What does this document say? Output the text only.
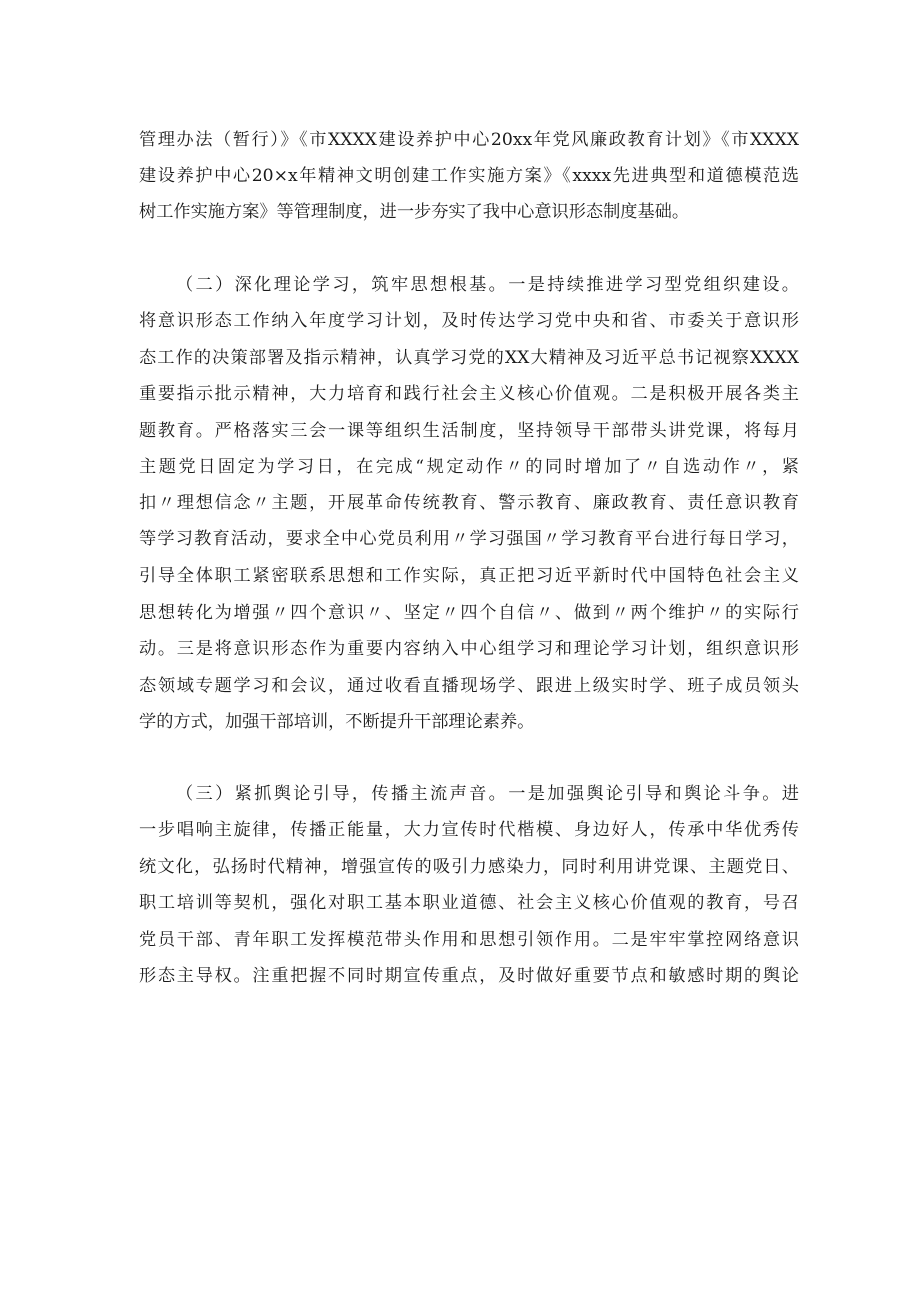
管理办法（暂行）》《市XXXX建设养护中心20xx年党风廉政教育计划》《市XXXX
建设养护中心20×x年精神文明创建工作实施方案》《xxxx先进典型和道德模范选
树工作实施方案》等管理制度，进一步夯实了我中心意识形态制度基础。
（二）深化理论学习，筑牢思想根基。一是持续推进学习型党组织建设。
将意识形态工作纳入年度学习计划，及时传达学习党中央和省、市委关于意识形
态工作的决策部署及指示精神，认真学习党的XX大精神及习近平总书记视察XXXX
重要指示批示精神，大力培育和践行社会主义核心价值观。二是积极开展各类主
题教育。严格落实三会一课等组织生活制度，坚持领导干部带头讲党课，将每月
主题党日固定为学习日，在完成“规定动作〃的同时增加了〃自选动作〃，紧
扣〃理想信念〃主题，开展革命传统教育、警示教育、廉政教育、责任意识教育
等学习教育活动，要求全中心党员利用〃学习强国〃学习教育平台进行每日学习，
引导全体职工紧密联系思想和工作实际，真正把习近平新时代中国特色社会主义
思想转化为增强〃四个意识〃、坚定〃四个自信〃、做到〃两个维护〃的实际行
动。三是将意识形态作为重要内容纳入中心组学习和理论学习计划，组织意识形
态领域专题学习和会议，通过收看直播现场学、跟进上级实时学、班子成员领头
学的方式，加强干部培训，不断提升干部理论素养。
（三）紧抓舆论引导，传播主流声音。一是加强舆论引导和舆论斗争。进
一步唱响主旋律，传播正能量，大力宣传时代楷模、身边好人，传承中华优秀传
统文化，弘扬时代精神，增强宣传的吸引力感染力，同时利用讲党课、主题党日、
职工培训等契机，强化对职工基本职业道德、社会主义核心价值观的教育，号召
党员干部、青年职工发挥模范带头作用和思想引领作用。二是牢牢掌控网络意识
形态主导权。注重把握不同时期宣传重点，及时做好重要节点和敏感时期的舆论
